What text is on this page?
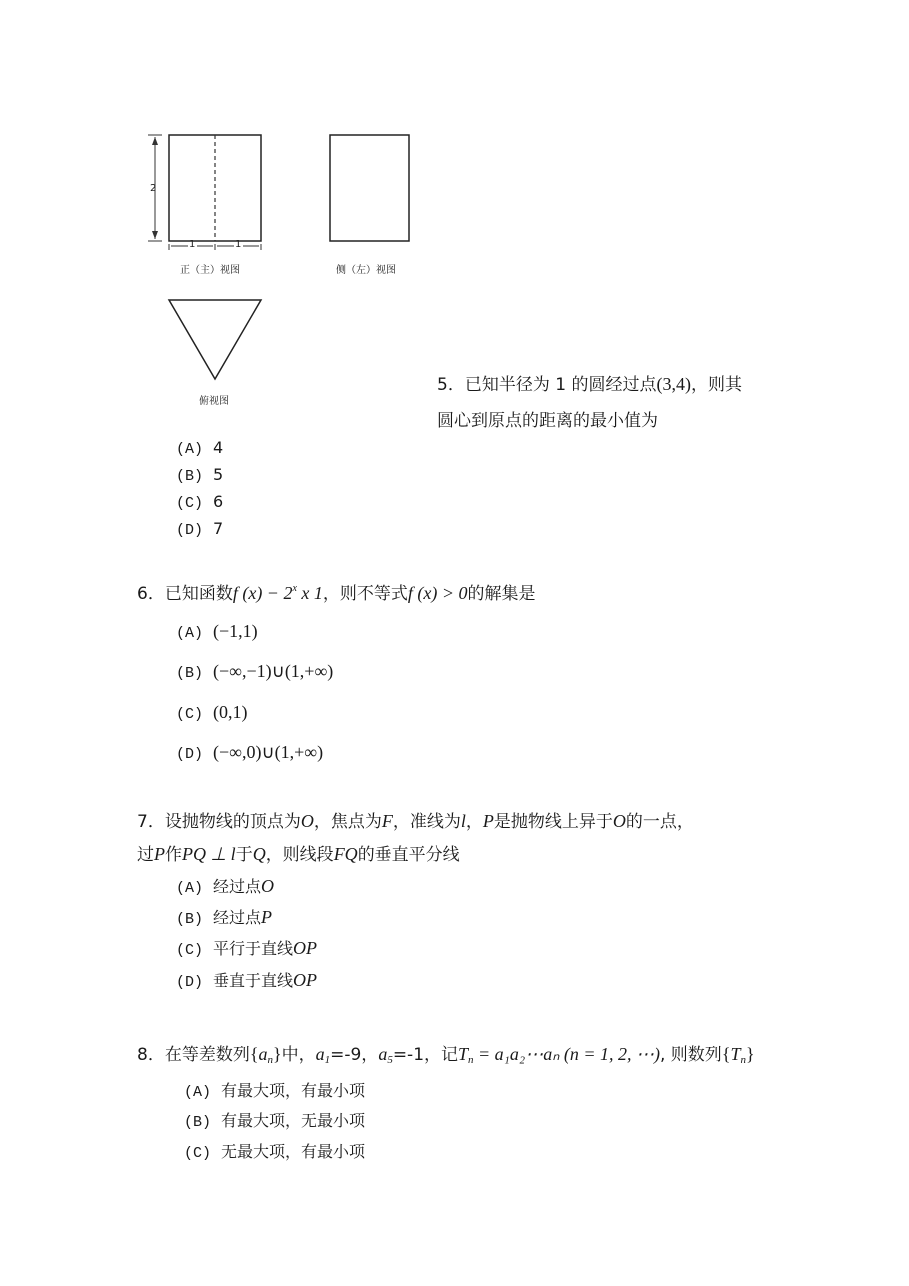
2
1	1
正（主）视图	侧（左）视图
俯视图
5．已知半径为 1 的圆经过点(3,4)，则其
圆心到原点的距离的最小值为
(A) 4
(B) 5
(C) 6
(D) 7
6．已知函数f $(x) - 2^x$ x 1，则不等式f (x) > 0的解集是
(A) (−1,1)
(B) (−∞,−1)∪(1,+∞)
(C) (0,1)
(D) (−∞,0)∪(1,+∞)
7．设抛物线的顶点为O，焦点为F，准线为l，P是抛物线上异于O的一点，
过P作PQ ⊥ l于Q，则线段FQ的垂直平分线
(A) 经过点O
(B) 经过点P
(C) 平行于直线OP
(D) 垂直于直线OP
8．在等差数列$\{a_n\}$中，$a_1=-9$，$a_5=-1$，记$T_n$ = a₁a₂⋯aₙ (n = 1, 2, ⋯), 则数列$\{T_n\}$
(A) 有最大项，有最小项
(B) 有最大项，无最小项
(C) 无最大项，有最小项
